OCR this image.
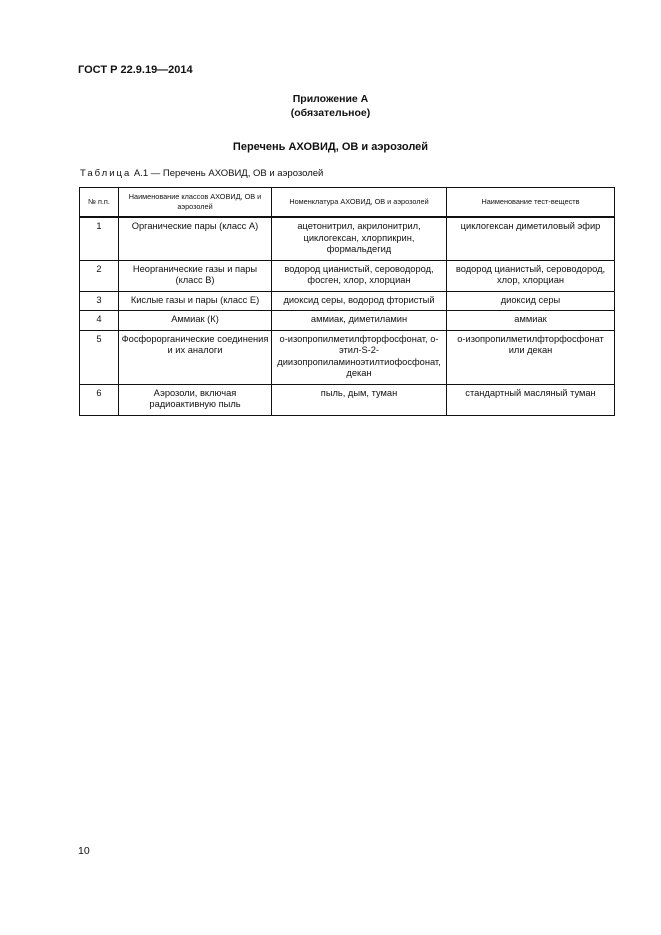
ГОСТ Р 22.9.19—2014
Приложение А
(обязательное)
Перечень АХОВИД, ОВ и аэрозолей
Таблица А.1 — Перечень АХОВИД, ОВ и аэрозолей
№ п.п.	Наименование классов АХОВИД, ОВ и аэрозолей	Номенклатура АХОВИД, ОВ и аэрозолей	Наименование тест-веществ
1	Органические пары (класс А)	ацетонитрил, акрилонитрил, циклогексан, хлорпикрин, формальдегид	циклогексан диметиловый эфир
2	Неорганические газы и пары (класс В)	водород цианистый, сероводород, фосген, хлор, хлорциан	водород цианистый, сероводород, хлор, хлорциан
3	Кислые газы и пары (класс Е)	диоксид серы, водород фтористый	диоксид серы
4	Аммиак (К)	аммиак, диметиламин	аммиак
5	Фосфорорганические соединения и их аналоги	о-изопропилметилфторфосфонат, о-этил-S-2-диизопропиламиноэтилтиофосфонат, декан	о-изопропилметилфторфосфонат или декан
6	Аэрозоли, включая радиоактивную пыль	пыль, дым, туман	стандартный масляный туман
10
